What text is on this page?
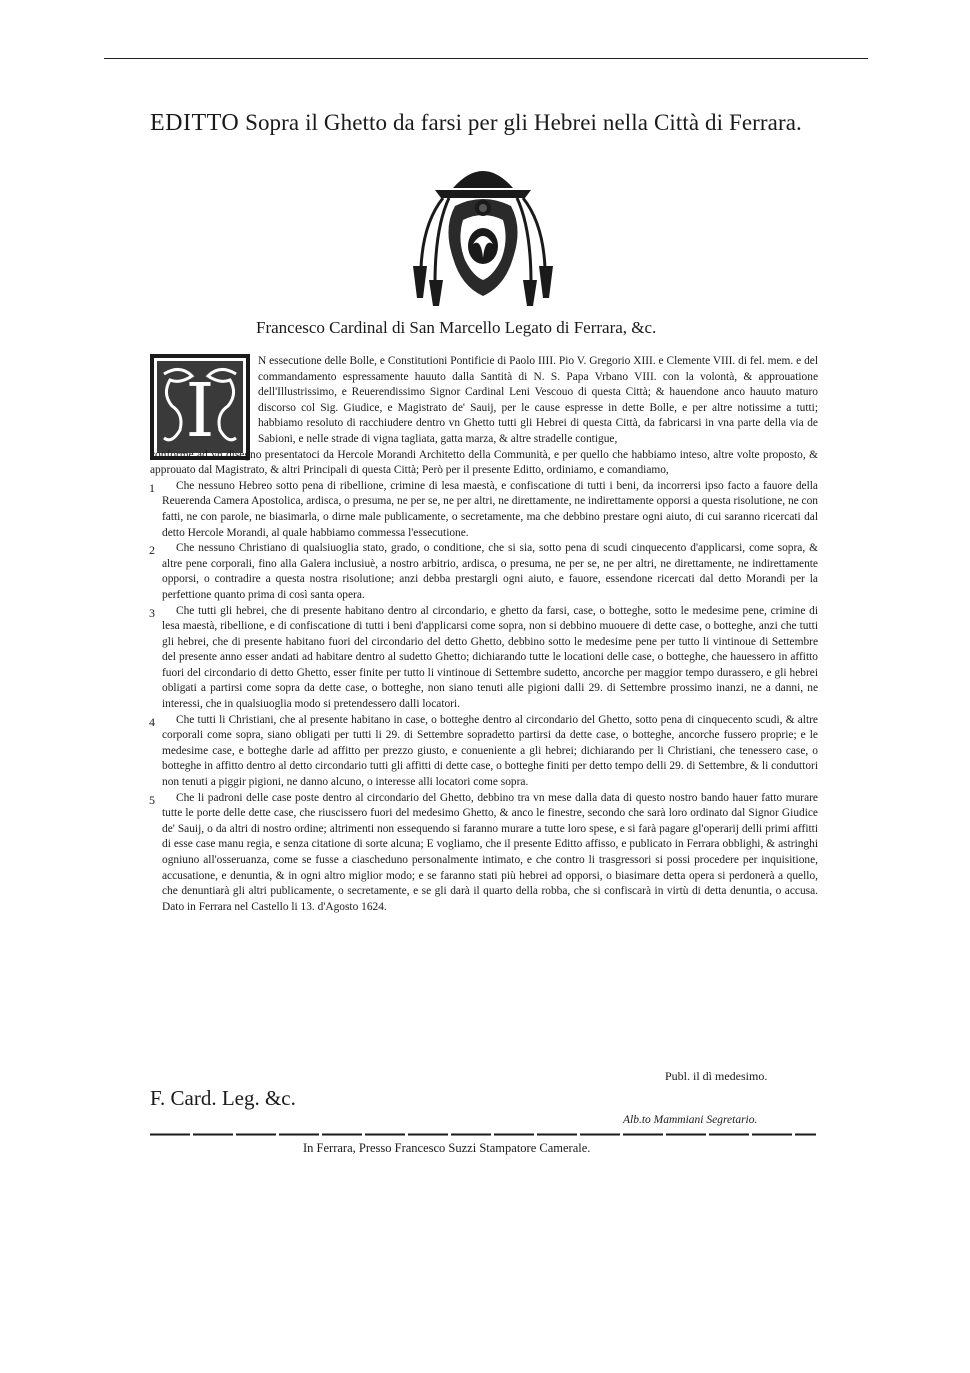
EDITTO Sopra il Ghetto da farsi per gli Hebrei nella Città di Ferrara.
Francesco Cardinal di San Marcello Legato di Ferrara, &c.
I

N essecutione delle Bolle, e Constitutioni Pontificie di Paolo IIII. Pio V. Gregorio XIII. e Clemente VIII. di fel. mem. e del commandamento espressamente hauuto dalla Santità di N. S. Papa Vrbano VIII. con la volontà, & approuatione dell'Illustrissimo, e Reuerendissimo Signor Cardinal Leni Vescouo di questa Città; & hauendone anco hauuto maturo discorso col Sig. Giudice, e Magistrato de' Sauij, per le cause espresse in dette Bolle, e per altre notissime a tutti; habbiamo resoluto di racchiudere dentro vn Ghetto tutti gli Hebrei di questa Città, da fabricarsi in vna parte della via de Sabioni, e nelle strade di vigna tagliata, gatta marza, & altre stradelle contigue,

conforme ad vn disegno presentatoci da Hercole Morandi Architetto della Communità, e per quello che habbiamo inteso, altre volte proposto, & approuato dal Magistrato, & altri Principali di questa Città; Però per il presente Editto, ordiniamo, e comandiamo,

1 Che nessuno Hebreo sotto pena di ribellione, crimine di lesa maestà, e confiscatione di tutti i beni, da incorrersi ipso facto a fauore della Reuerenda Camera Apostolica, ardisca, o presuma, ne per se, ne per altri, ne direttamente, ne indirettamente opporsi a questa risolutione, ne con fatti, ne con parole, ne biasimarla, o dirne male publicamente, o secretamente, ma che debbino prestare ogni aiuto, di cui saranno ricercati dal detto Hercole Morandi, al quale habbiamo commessa l'essecutione.

2 Che nessuno Christiano di qualsiuoglia stato, grado, o conditione, che si sia, sotto pena di scudi cinquecento d'applicarsi, come sopra, & altre pene corporali, fino alla Galera inclusiuè, a nostro arbitrio, ardisca, o presuma, ne per se, ne per altri, ne direttamente, ne indirettamente opporsi, o contradire a questa nostra risolutione; anzi debba prestargli ogni aiuto, e fauore, essendone ricercati dal detto Morandi per la perfettione quanto prima di così santa opera.

3 Che tutti gli hebrei, che di presente habitano dentro al circondario, e ghetto da farsi, case, o botteghe, sotto le medesime pene, crimine di lesa maestà, ribellione, e di confiscatione di tutti i beni d'applicarsi come sopra, non si debbino muouere di dette case, o botteghe, anzi che tutti gli hebrei, che di presente habitano fuori del circondario del detto Ghetto, debbino sotto le medesime pene per tutto li vintinoue di Settembre del presente anno esser andati ad habitare dentro al sudetto Ghetto; dichiarando tutte le locationi delle case, o botteghe, che hauessero in affitto fuori del circondario di detto Ghetto, esser finite per tutto li vintinoue di Settembre sudetto, ancorche per maggior tempo durassero, e gli hebrei obligati a partirsi come sopra da dette case, o botteghe, non siano tenuti alle pigioni dalli 29. di Settembre prossimo inanzi, ne a danni, ne interessi, che in qualsiuoglia modo si pretendessero dalli locatori.

4 Che tutti li Christiani, che al presente habitano in case, o botteghe dentro al circondario del Ghetto, sotto pena di cinquecento scudi, & altre corporali come sopra, siano obligati per tutti li 29. di Settembre sopradetto partirsi da dette case, o botteghe, ancorche fussero proprie; e le medesime case, e botteghe darle ad affitto per prezzo giusto, e conueniente a gli hebrei; dichiarando per li Christiani, che tenessero case, o botteghe in affitto dentro al detto circondario tutti gli affitti di dette case, o botteghe finiti per detto tempo delli 29. di Settembre, & li conduttori non tenuti a piggir pigioni, ne danno alcuno, o interesse alli locatori come sopra.

5 Che li padroni delle case poste dentro al circondario del Ghetto, debbino tra vn mese dalla data di questo nostro bando hauer fatto murare tutte le porte delle dette case, che riuscissero fuori del medesimo Ghetto, & anco le finestre, secondo che sarà loro ordinato dal Signor Giudice de' Sauij, o da altri di nostro ordine; altrimenti non essequendo si faranno murare a tutte loro spese, e si farà pagare gl'operarij delli primi affitti di esse case manu regia, e senza citatione di sorte alcuna; E vogliamo, che il presente Editto affisso, e publicato in Ferrara obblighi, & astringhi ogniuno all'osseruanza, come se fusse a ciascheduno personalmente intimato, e che contro li trasgressori si possi procedere per inquisitione, accusatione, e denuntia, & in ogni altro miglior modo; e se faranno stati più hebrei ad opporsi, o biasimare detta opera si perdonerà a quello, che denuntiarà gli altri publicamente, o secretamente, e se gli darà il quarto della robba, che si confiscarà in virtù di detta denuntia, o accusa. Dato in Ferrara nel Castello li 13. d'Agosto 1624.

Publ. il dì medesimo.
F. Card. Leg. &c.
Alb.to Mammiani Segretario.
In Ferrara, Presso Francesco Suzzi Stampatore Camerale.
